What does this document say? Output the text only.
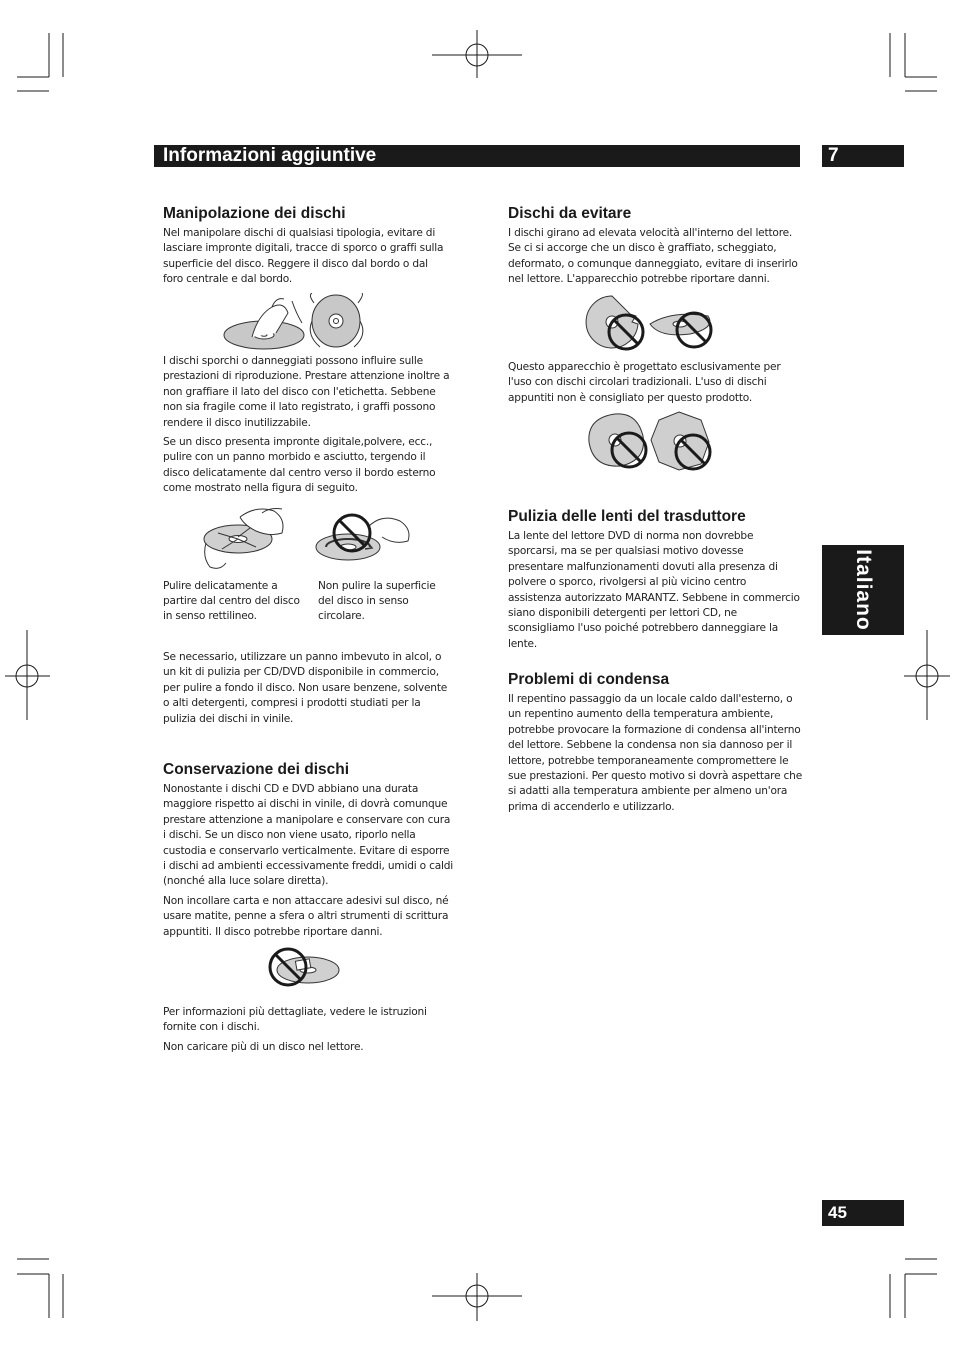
Informazioni aggiuntive	7
Italiano
45
Manipolazione dei dischi

Nel manipolare dischi di qualsiasi tipologia, evitare di lasciare impronte digitali, tracce di sporco o graffi sulla superficie del disco. Reggere il disco dal bordo o dal foro centrale e dal bordo.

I dischi sporchi o danneggiati possono influire sulle prestazioni di riproduzione. Prestare attenzione inoltre a non graffiare il lato del disco con l'etichetta. Sebbene non sia fragile come il lato registrato, i graffi possono rendere il disco inutilizzabile.

Se un disco presenta impronte digitale,polvere, ecc., pulire con un panno morbido e asciutto, tergendo il disco delicatamente dal centro verso il bordo esterno come mostrato nella figura di seguito.

Pulire delicatamente a partire dal centro del disco in senso rettilineo.

Non pulire la superficie del disco in senso circolare.

Se necessario, utilizzare un panno imbevuto in alcol, o un kit di pulizia per CD/DVD disponibile in commercio, per pulire a fondo il disco. Non usare benzene, solvente o alti detergenti, compresi i prodotti studiati per la pulizia dei dischi in vinile.

Conservazione dei dischi

Nonostante i dischi CD e DVD abbiano una durata maggiore rispetto ai dischi in vinile, di dovrà comunque prestare attenzione a manipolare e conservare con cura i dischi. Se un disco non viene usato, riporlo nella custodia e conservarlo verticalmente. Evitare di esporre i dischi ad ambienti eccessivamente freddi, umidi o caldi (nonché alla luce solare diretta).

Non incollare carta e non attaccare adesivi sul disco, né usare matite, penne a sfera o altri strumenti di scrittura appuntiti. Il disco potrebbe riportare danni.

Per informazioni più dettagliate, vedere le istruzioni fornite con i dischi.

Non caricare più di un disco nel lettore.

Dischi da evitare

I dischi girano ad elevata velocità all'interno del lettore. Se ci si accorge che un disco è graffiato, scheggiato, deformato, o comunque danneggiato, evitare di inserirlo nel lettore. L'apparecchio potrebbe riportare danni.

Questo apparecchio è progettato esclusivamente per l'uso con dischi circolari tradizionali. L'uso di dischi appuntiti non è consigliato per questo prodotto.

Pulizia delle lenti del trasduttore

La lente del lettore DVD di norma non dovrebbe sporcarsi, ma se per qualsiasi motivo dovesse presentare malfunzionamenti dovuti alla presenza di polvere o sporco, rivolgersi al più vicino centro assistenza autorizzato MARANTZ. Sebbene in commercio siano disponibili detergenti per lettori CD, ne sconsigliamo l'uso poiché potrebbero danneggiare la lente.

Problemi di condensa

Il repentino passaggio da un locale caldo dall'esterno, o un repentino aumento della temperatura ambiente, potrebbe provocare la formazione di condensa all'interno del lettore. Sebbene la condensa non sia dannoso per il lettore, potrebbe temporaneamente compromettere le sue prestazioni. Per questo motivo si dovrà aspettare che si adatti alla temperatura ambiente per almeno un'ora prima di accenderlo e utilizzarlo.
